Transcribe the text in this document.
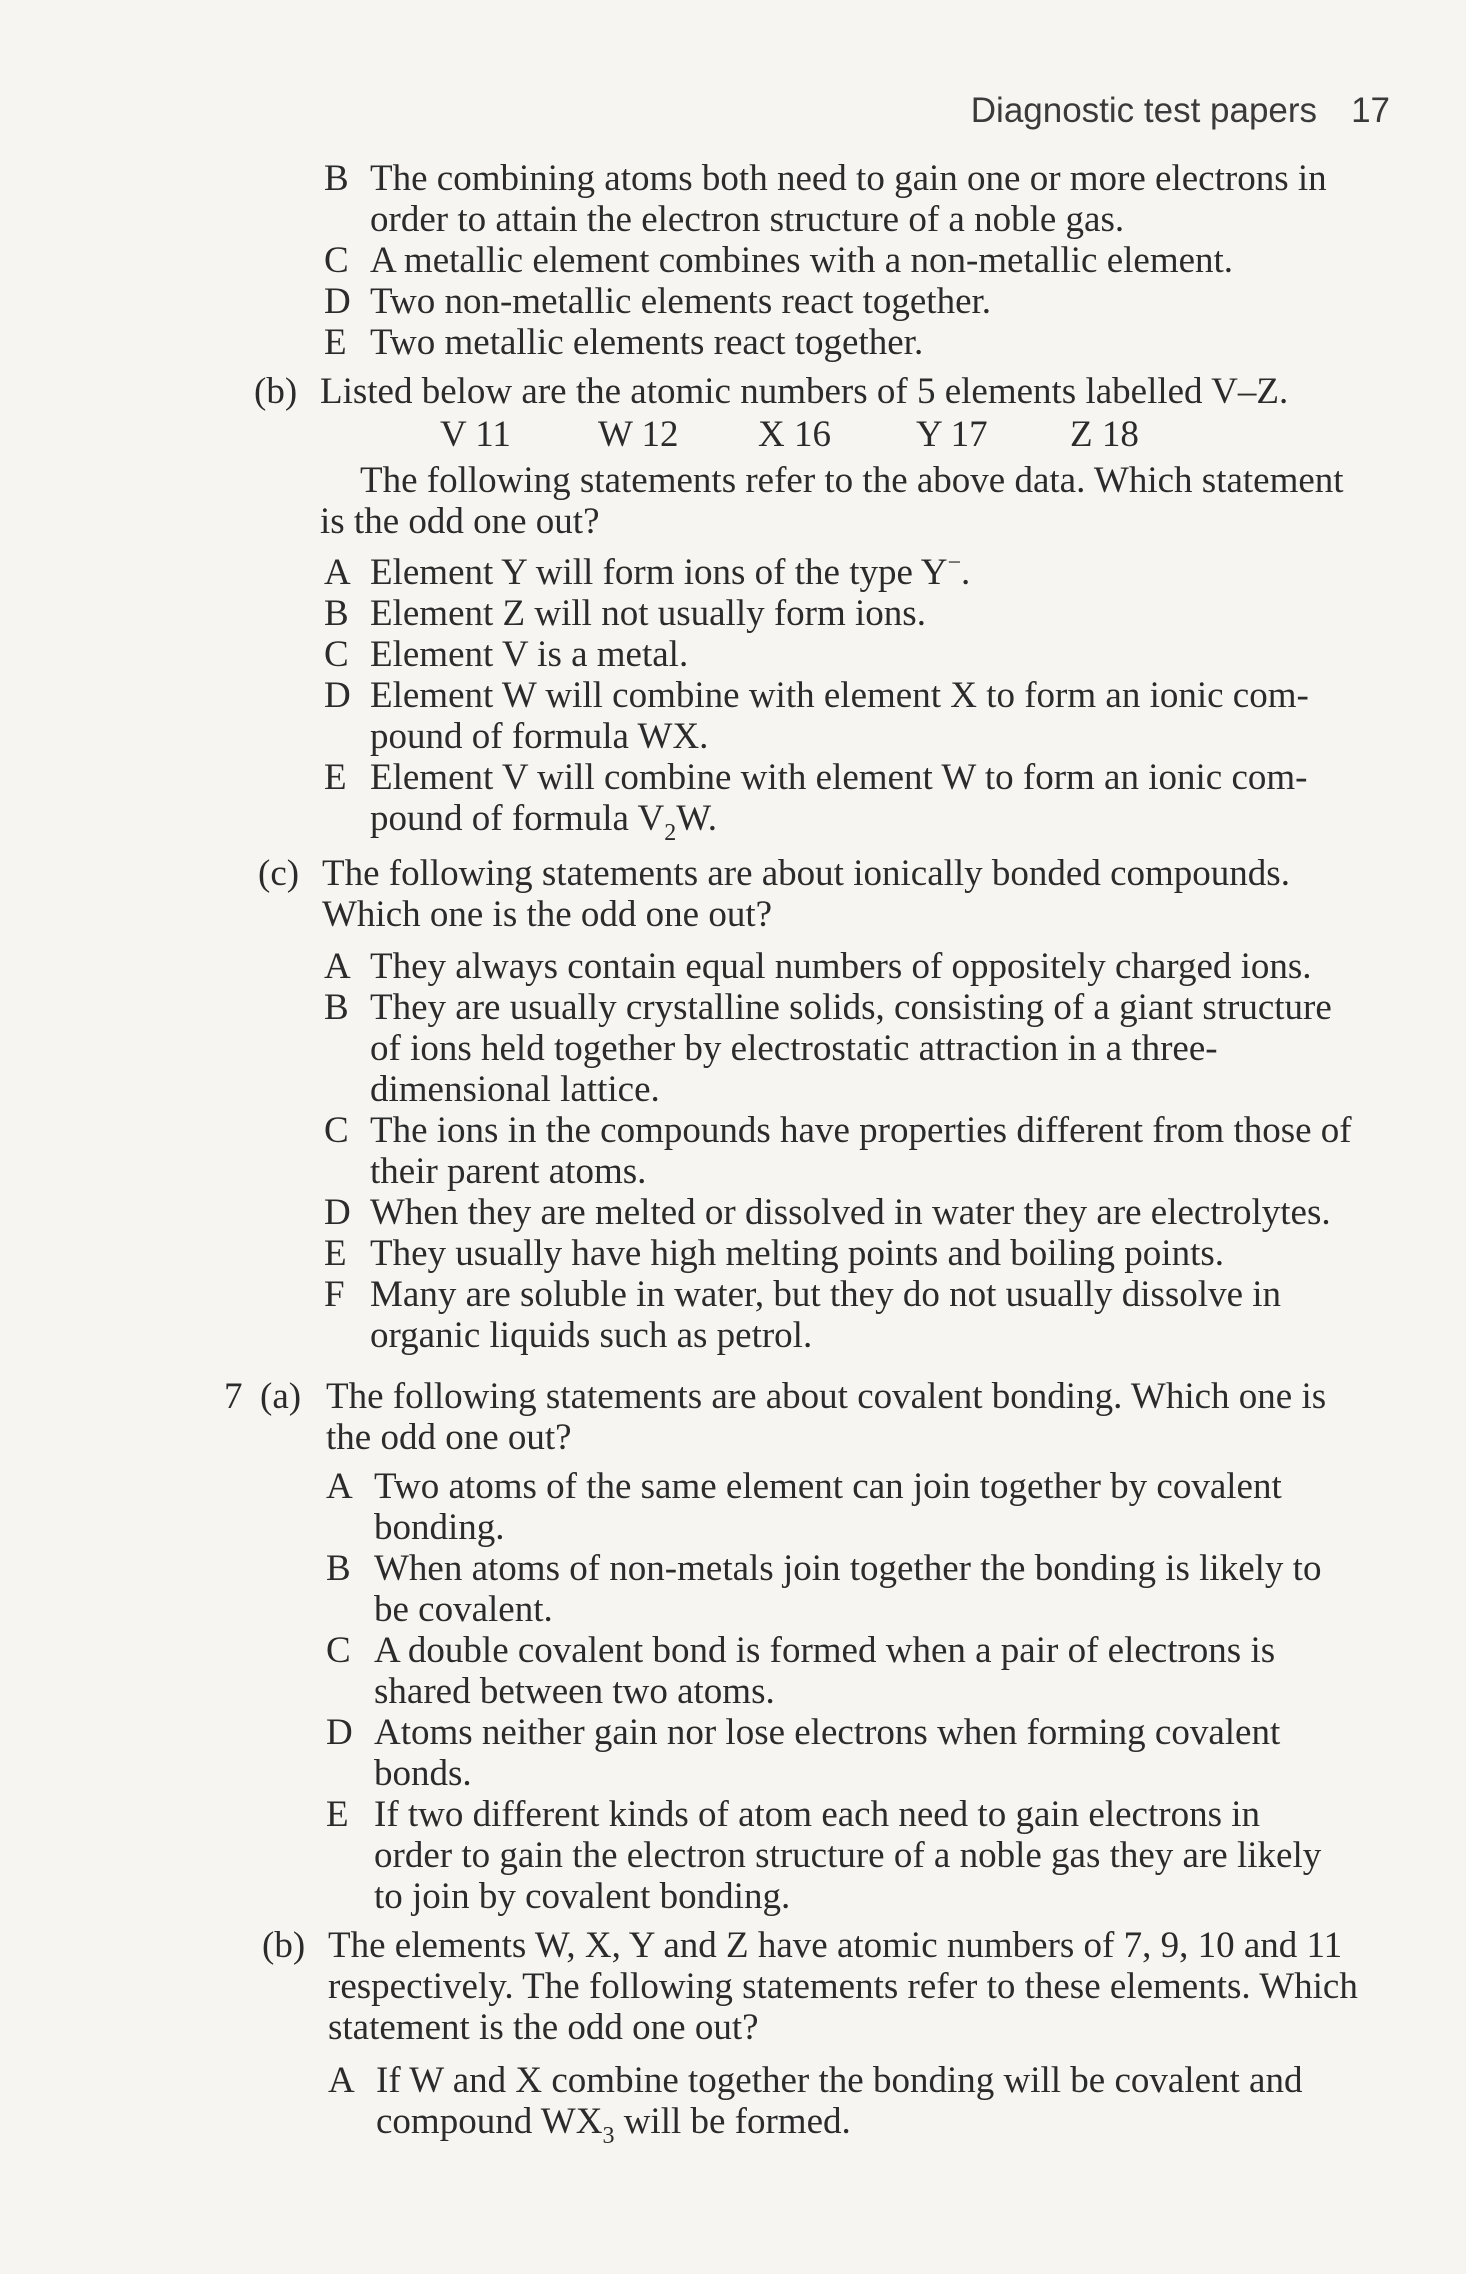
Diagnostic test papers 17
B The combining atoms both need to gain one or more electrons in
order to attain the electron structure of a noble gas.
C A metallic element combines with a non-metallic element.
D Two non-metallic elements react together.
E Two metallic elements react together.
(b) Listed below are the atomic numbers of 5 elements labelled V–Z.
V 11 W 12 X 16 Y 17 Z 18
The following statements refer to the above data. Which statement
is the odd one out?
A Element Y will form ions of the type Y−.
B Element Z will not usually form ions.
C Element V is a metal.
D Element W will combine with element X to form an ionic com-
pound of formula WX.
E Element V will combine with element W to form an ionic com-
pound of formula $V_2W$.
(c) The following statements are about ionically bonded compounds.
Which one is the odd one out?
A They always contain equal numbers of oppositely charged ions.
B They are usually crystalline solids, consisting of a giant structure
of ions held together by electrostatic attraction in a three-
dimensional lattice.
C The ions in the compounds have properties different from those of
their parent atoms.
D When they are melted or dissolved in water they are electrolytes.
E They usually have high melting points and boiling points.
F Many are soluble in water, but they do not usually dissolve in
organic liquids such as petrol.
7 (a) The following statements are about covalent bonding. Which one is
the odd one out?
A Two atoms of the same element can join together by covalent
bonding.
B When atoms of non-metals join together the bonding is likely to
be covalent.
C A double covalent bond is formed when a pair of electrons is
shared between two atoms.
D Atoms neither gain nor lose electrons when forming covalent
bonds.
E If two different kinds of atom each need to gain electrons in
order to gain the electron structure of a noble gas they are likely
to join by covalent bonding.
(b) The elements W, X, Y and Z have atomic numbers of 7, 9, 10 and 11
respectively. The following statements refer to these elements. Which
statement is the odd one out?
A If W and X combine together the bonding will be covalent and
compound $WX_3$ will be formed.
